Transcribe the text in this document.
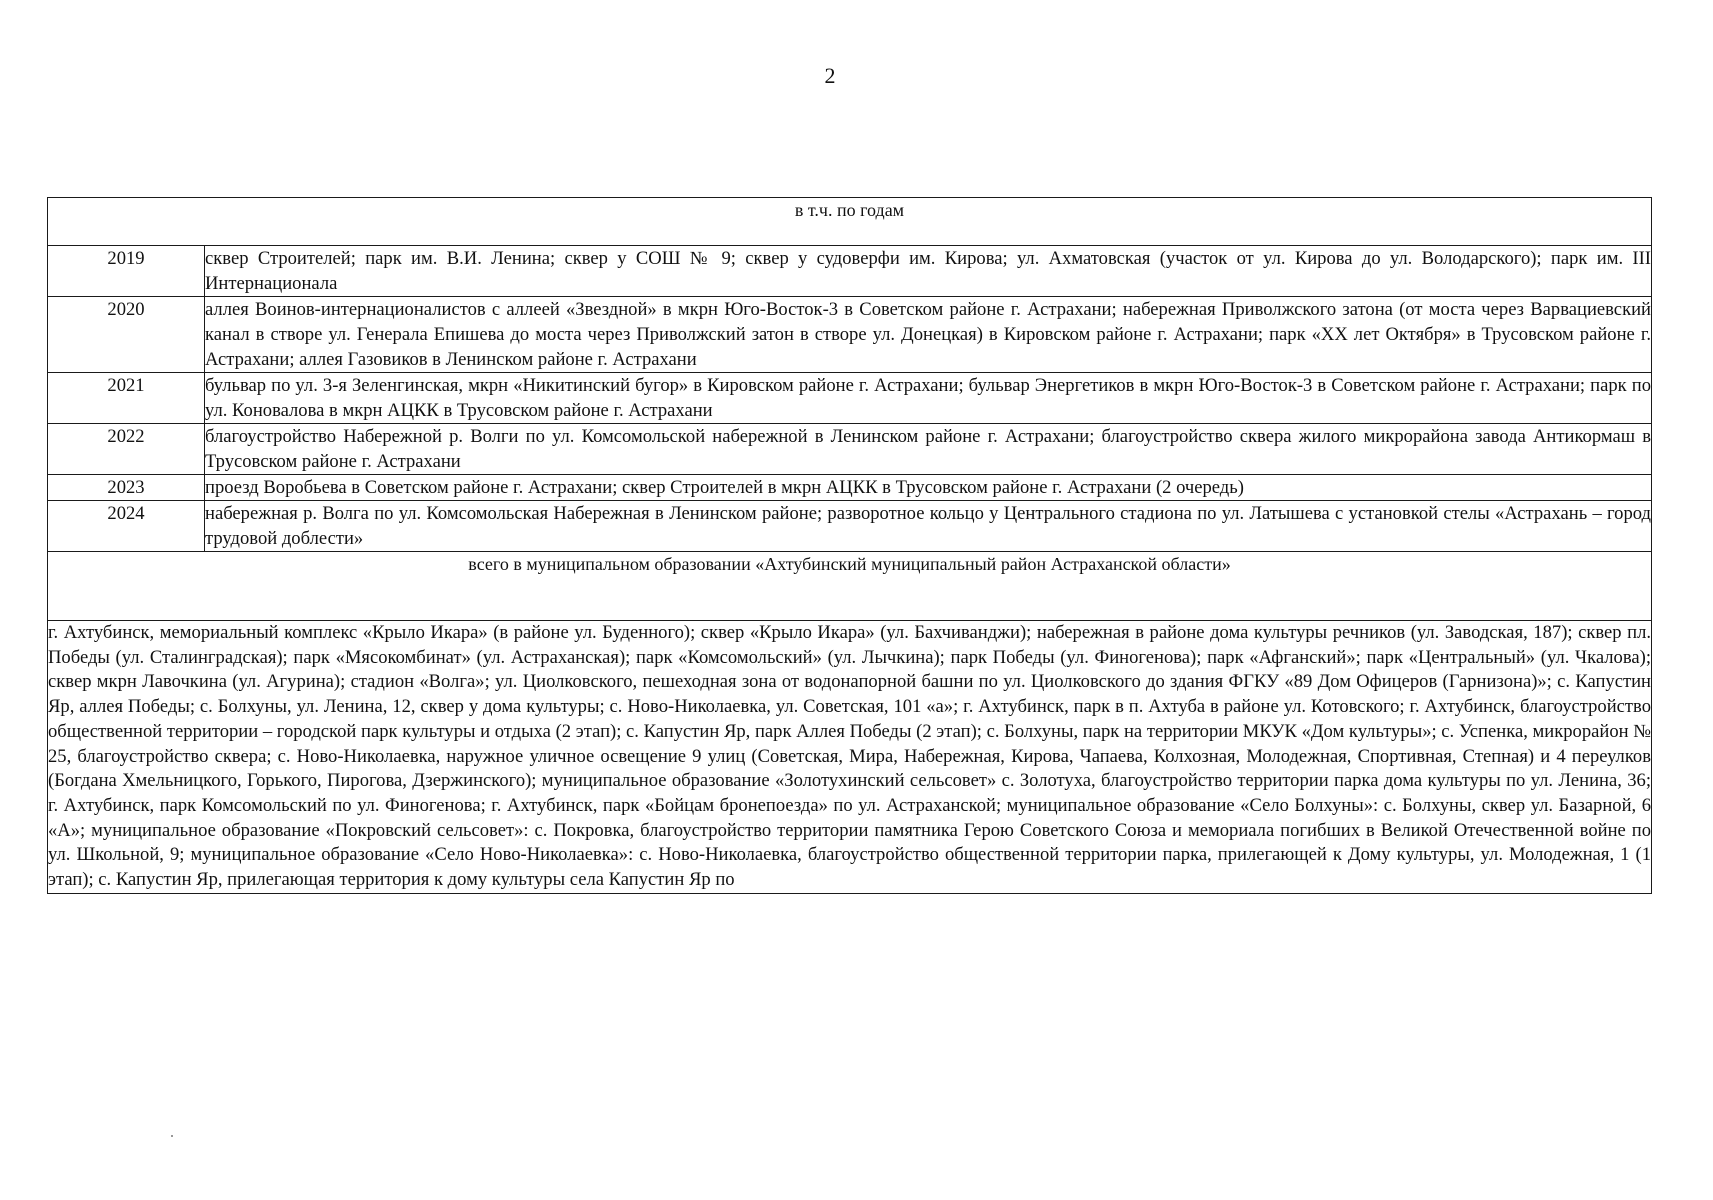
2
в т.ч. по годам	
2019	сквер Строителей; парк им. В.И. Ленина; сквер у СОШ № 9; сквер у судоверфи им. Кирова; ул. Ахматовская (участок от ул. Кирова до ул. Володарского); парк им. III Интернационала
2020	аллея Воинов-интернационалистов с аллеей «Звездной» в мкрн Юго-Восток-3 в Советском районе г. Астрахани; набережная Приволжского затона (от моста через Варвациевский канал в створе ул. Генерала Епишева до моста через Приволжский затон в створе ул. Донецкая) в Кировском районе г. Астрахани; парк «XX лет Октября» в Трусовском районе г. Астрахани; аллея Газовиков в Ленинском районе г. Астрахани
2021	бульвар по ул. 3-я Зеленгинская, мкрн «Никитинский бугор» в Кировском районе г. Астрахани; бульвар Энергетиков в мкрн Юго-Восток-3 в Советском районе г. Астрахани; парк по ул. Коновалова в мкрн АЦКК в Трусовском районе г. Астрахани
2022	благоустройство Набережной р. Волги по ул. Комсомольской набережной в Ленинском районе г. Астрахани; благоустройство сквера жилого микрорайона завода Антикормаш в Трусовском районе г. Астрахани
2023	проезд Воробьева в Советском районе г. Астрахани; сквер Строителей в мкрн АЦКК в Трусовском районе г. Астрахани (2 очередь)
2024	набережная р. Волга по ул. Комсомольская Набережная в Ленинском районе; разворотное кольцо у Центрального стадиона по ул. Латышева с установкой стелы «Астрахань – город трудовой доблести»
всего в муниципальном образовании «Ахтубинский муниципальный район Астраханской области»	
г. Ахтубинск, мемориальный комплекс «Крыло Икара» (в районе ул. Буденного); сквер «Крыло Икара» (ул. Бахчиванджи); набережная в районе дома культуры речников (ул. Заводская, 187); сквер пл. Победы (ул. Сталинградская); парк «Мясокомбинат» (ул. Астраханская); парк «Комсомольский» (ул. Лычкина); парк Победы (ул. Финогенова); парк «Афганский»; парк «Центральный» (ул. Чкалова); сквер мкрн Лавочкина (ул. Агурина); стадион «Волга»; ул. Циолковского, пешеходная зона от водонапорной башни по ул. Циолковского до здания ФГКУ «89 Дом Офицеров (Гарнизона)»; с. Капустин Яр, аллея Победы; с. Болхуны, ул. Ленина, 12, сквер у дома культуры; с. Ново-Николаевка, ул. Советская, 101 «а»; г. Ахтубинск, парк в п. Ахтуба в районе ул. Котовского; г. Ахтубинск, благоустройство общественной территории – городской парк культуры и отдыха (2 этап); с. Капустин Яр, парк Аллея Победы (2 этап); с. Болхуны, парк на территории МКУК «Дом культуры»; с. Успенка, микрорайон № 25, благоустройство сквера; с. Ново-Николаевка, наружное уличное освещение 9 улиц (Советская, Мира, Набережная, Кирова, Чапаева, Колхозная, Молодежная, Спортивная, Степная) и 4 переулков (Богдана Хмельницкого, Горького, Пирогова, Дзержинского); муниципальное образование «Золотухинский сельсовет» с. Золотуха, благоустройство территории парка дома культуры по ул. Ленина, 36; г. Ахтубинск, парк Комсомольский по ул. Финогенова; г. Ахтубинск, парк «Бойцам бронепоезда» по ул. Астраханской; муниципальное образование «Село Болхуны»: с. Болхуны, сквер ул. Базарной, 6 «А»; муниципальное образование «Покровский сельсовет»: с. Покровка, благоустройство территории памятника Герою Советского Союза и мемориала погибших в Великой Отечественной войне по ул. Школьной, 9; муниципальное образование «Село Ново-Николаевка»: с. Ново-Николаевка, благоустройство общественной территории парка, прилегающей к Дому культуры, ул. Молодежная, 1 (1 этап); с. Капустин Яр, прилегающая территория к дому культуры села Капустин Яр по	
